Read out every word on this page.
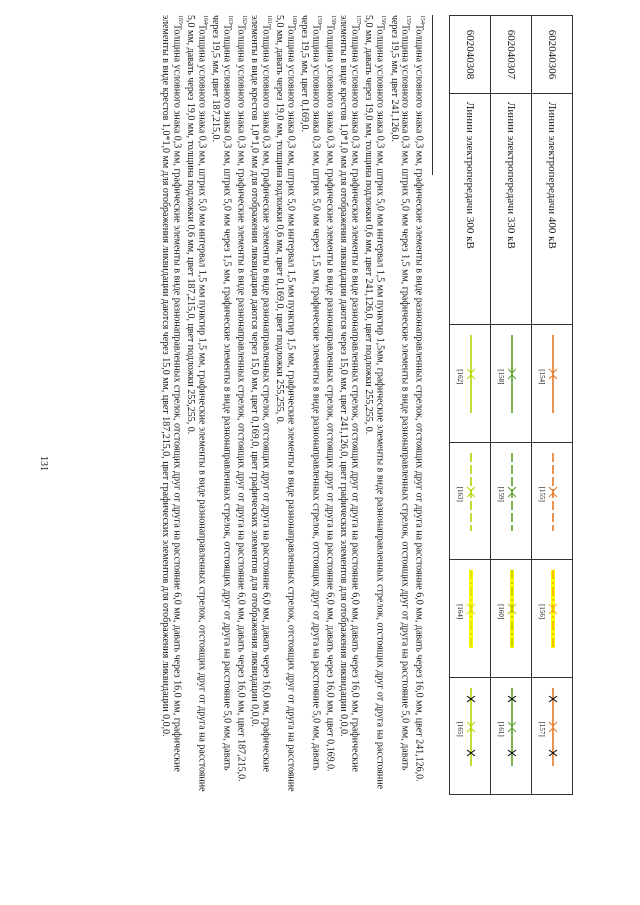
131
602040306	Линии электропередачи 400 кВ	[154]	[155]	[156]	[157]

602040307	Линии электропередачи 330 кВ	[158]	[159]	[160]	[161]

602040308	Линии электропередачи 300 кВ	[162]	[163]	[164]	[165]

$^{154}$Толщина условного знака 0,3 мм, графические элементы в виде разнонаправленных стрелок, отстоящих друг от друга на расстояние 6,0 мм, давать через 16,0 мм, цвет 241,126,0.

$^{155}$Толщина условного знака 0,3 мм, штрих 5,0 мм через 1,5 мм, графические элементы в виде разнонаправленных стрелок, отстоящих друг от друга на расстояние 5,0 мм, давать через 19,5 мм, цвет 241,126,0.

$^{156}$Толщина условного знака 0,3 мм, штрих 5,0 мм интервал 1,5 мм пунктир 1,5мм, графические элементы в виде разнонаправленных стрелок, отстоящих друг от друга на расстояние 5,0 мм, давать через 19,0 мм, толщина подложки 0,6 мм, цвет 241,126,0, цвет подложки 255,255, 0.

$^{157}$Толщина условного знака 0,3 мм, графические элементы в виде разнонаправленных стрелок, отстоящих друг от друга на расстояние 6,0 мм, давать через 16,0 мм, графические элементы в виде крестов 1,0*1,0 мм для отображения ликвидации даются через 15,0 мм, цвет 241,126,0, цвет графических элементов для отображения ликвидации 0,0,0.

$^{158}$Толщина условного знака 0,3 мм, графические элементы в виде разнонаправленных стрелок, отстоящих друг от друга на расстояние 6,0 мм, давать через 16,0 мм, цвет 0,169,0.

$^{159}$Толщина условного знака 0,3 мм, штрих 5,0 мм через 1,5 мм, графические элементы в виде разнонаправленных стрелок, отстоящих друг от друга на расстояние 5,0 мм, давать через 19,5 мм, цвет 0,169,0.

$^{160}$Толщина условного знака 0,3 мм, штрих 5,0 мм интервал 1,5 мм пунктир 1,5 мм, графические элементы в виде разнонаправленных стрелок, отстоящих друг от друга на расстояние 5,0 мм, давать через 19,0 мм, толщина подложки 0,6 мм, цвет 0,169,0, цвет подложки 255,255, 0.

$^{161}$Толщина условного знака 0,3 мм, графические элементы в виде разнонаправленных стрелок, отстоящих друг от друга на расстояние 6,0 мм, давать через 16,0 мм, графические элементы в виде крестов 1,0*1,0 мм для отображения ликвидации даются через 15,0 мм, цвет 0,169,0, цвет графических элементов для отображения ликвидации 0,0,0.

$^{162}$Толщина условного знака 0,3 мм, графические элементы в виде разнонаправленных стрелок, отстоящих друг от друга на расстояние 6,0 мм, давать через 16,0 мм, цвет 187,215,0.

$^{163}$Толщина условного знака 0,3 мм, штрих 5,0 мм через 1,5 мм, графические элементы в виде разнонаправленных стрелок, отстоящих друг от друга на расстояние 5,0 мм, давать через 19,5 мм, цвет 187,215,0.

$^{164}$Толщина условного знака 0,3 мм, штрих 5,0 мм интервал 1,5 мм пунктир 1,5 мм, графические элементы в виде разнонаправленных стрелок, отстоящих друг от друга на расстояние 5,0 мм, давать через 19,0 мм, толщина подложки 0,6 мм, цвет 187,215,0, цвет подложки 255,255, 0.

$^{165}$Толщина условного знака 0,3 мм, графические элементы в виде разнонаправленных стрелок, отстоящих друг от друга на расстояние 6,0 мм, давать через 16,0 мм, графические элементы в виде крестов 1,0*1,0 мм для отображения ликвидации даются через 15,0 мм, цвет 187,215,0, цвет графических элементов для отображения ликвидации 0,0,0.
